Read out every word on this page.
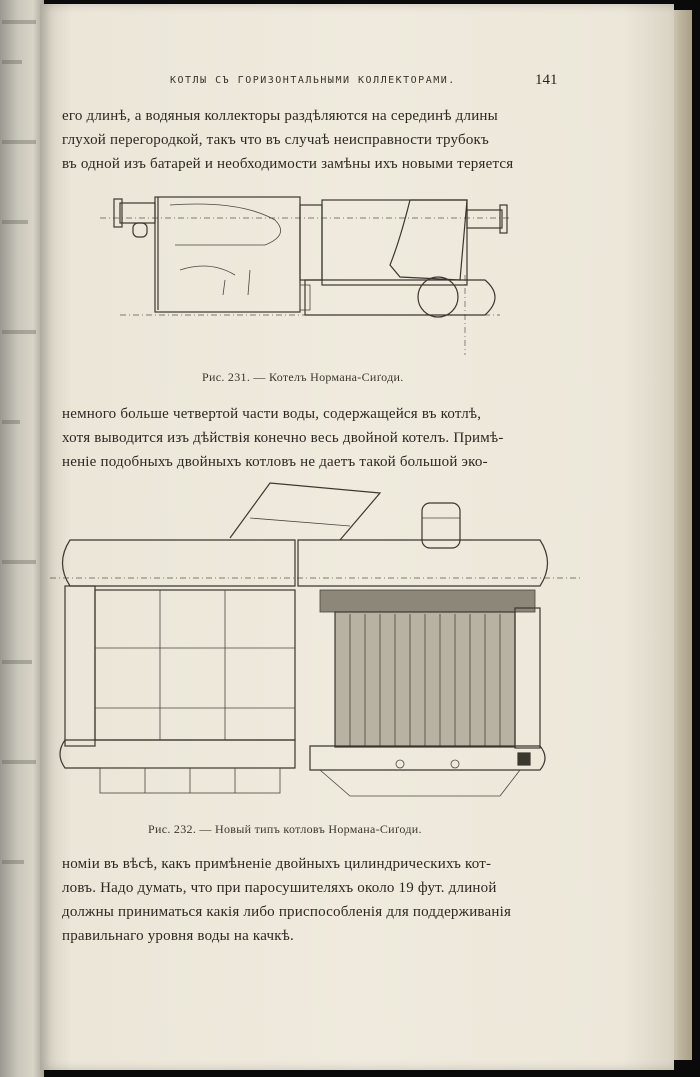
КОТЛЫ СЪ ГОРИЗОНТАЛЬНЫМИ КОЛЛЕКТОРАМИ.	141
его длинѣ, а водяныя коллекторы раздѣляются на серединѣ длины
глухой перегородкой, такъ что въ случаѣ неисправности трубокъ
въ одной изъ батарей и необходимости замѣны ихъ новыми теряется
Рис. 231. — Котелъ Нормана-Сиґоди.
немного больше четвертой части воды, содержащейся въ котлѣ,
хотя выводится изъ дѣйствія конечно весь двойной котелъ. Примѣ-
неніе подобныхъ двойныхъ котловъ не даетъ такой большой эко-
Рис. 232. — Новый типъ котловъ Нормана-Сиґоди.
номіи въ вѣсѣ, какъ примѣненіе двойныхъ цилиндрическихъ кот-
ловъ. Надо думать, что при паросушителяхъ около 19 фут. длиной
должны приниматься какія либо приспособленія для поддерживанія
правильнаго уровня воды на качкѣ.
